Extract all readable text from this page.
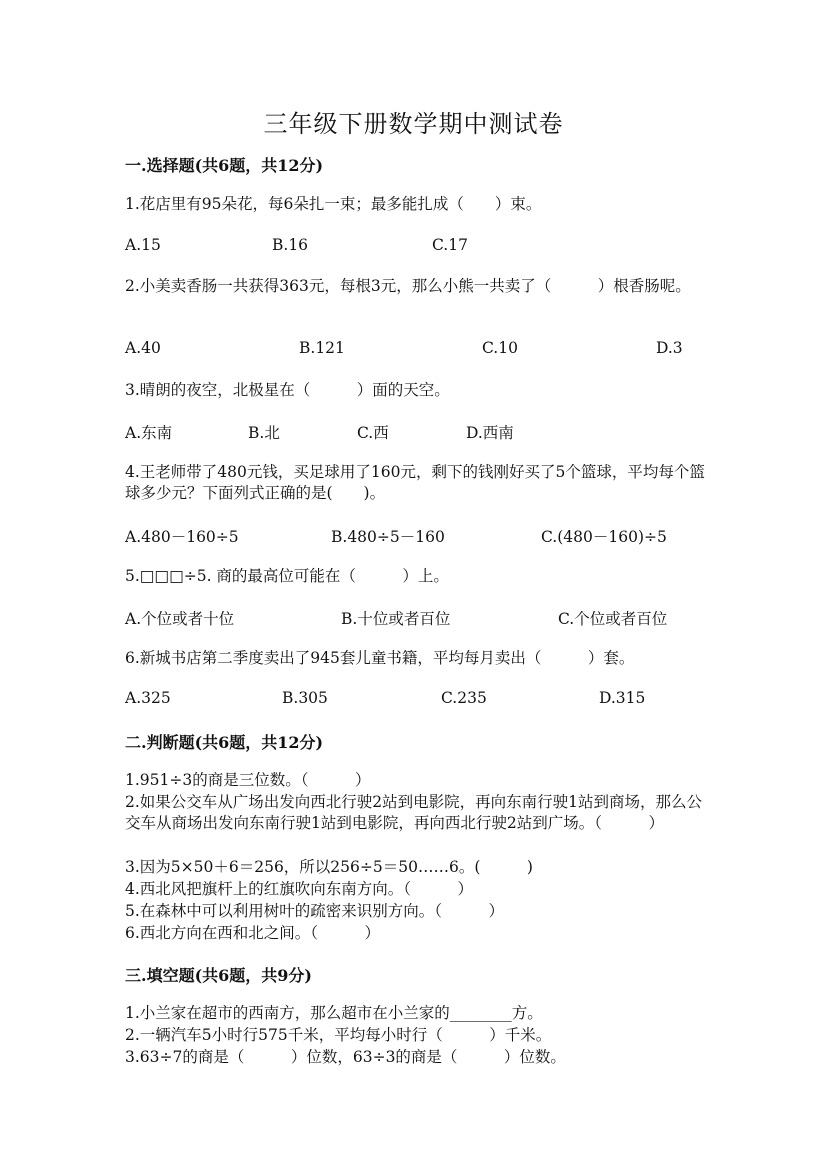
三年级下册数学期中测试卷
一.选择题(共6题，共12分)
1.花店里有95朵花，每6朵扎一束；最多能扎成（　　）束。
A.15	B.16	C.17
2.小美卖香肠一共获得363元，每根3元，那么小熊一共卖了（　　　）根香肠呢。
A.40	B.121	C.10	D.3
3.晴朗的夜空，北极星在（　　　）面的天空。
A.东南	B.北	C.西	D.西南
4.王老师带了480元钱，买足球用了160元，剩下的钱刚好买了5个篮球，平均每个篮球多少元？下面列式正确的是(　　)。
A.480－160÷5	B.480÷5－160	C.(480－160)÷5
5.□□□÷5. 商的最高位可能在（　　　）上。
A.个位或者十位	B.十位或者百位	C.个位或者百位
6.新城书店第二季度卖出了945套儿童书籍，平均每月卖出（　　　）套。
A.325	B.305	C.235	D.315
二.判断题(共6题，共12分)
1.951÷3的商是三位数。（　　　）
2.如果公交车从广场出发向西北行驶2站到电影院，再向东南行驶1站到商场，那么公交车从商场出发向东南行驶1站到电影院，再向西北行驶2站到广场。（　　　）
3.因为5×50＋6＝256，所以256÷5＝50……6。(　　　)
4.西北风把旗杆上的红旗吹向东南方向。（　　　）
5.在森林中可以利用树叶的疏密来识别方向。（　　　）
6.西北方向在西和北之间。（　　　）
三.填空题(共6题，共9分)
1.小兰家在超市的西南方，那么超市在小兰家的________方。
2.一辆汽车5小时行575千米，平均每小时行（　　　）千米。
3.63÷7的商是（　　　）位数，63÷3的商是（　　　）位数。
